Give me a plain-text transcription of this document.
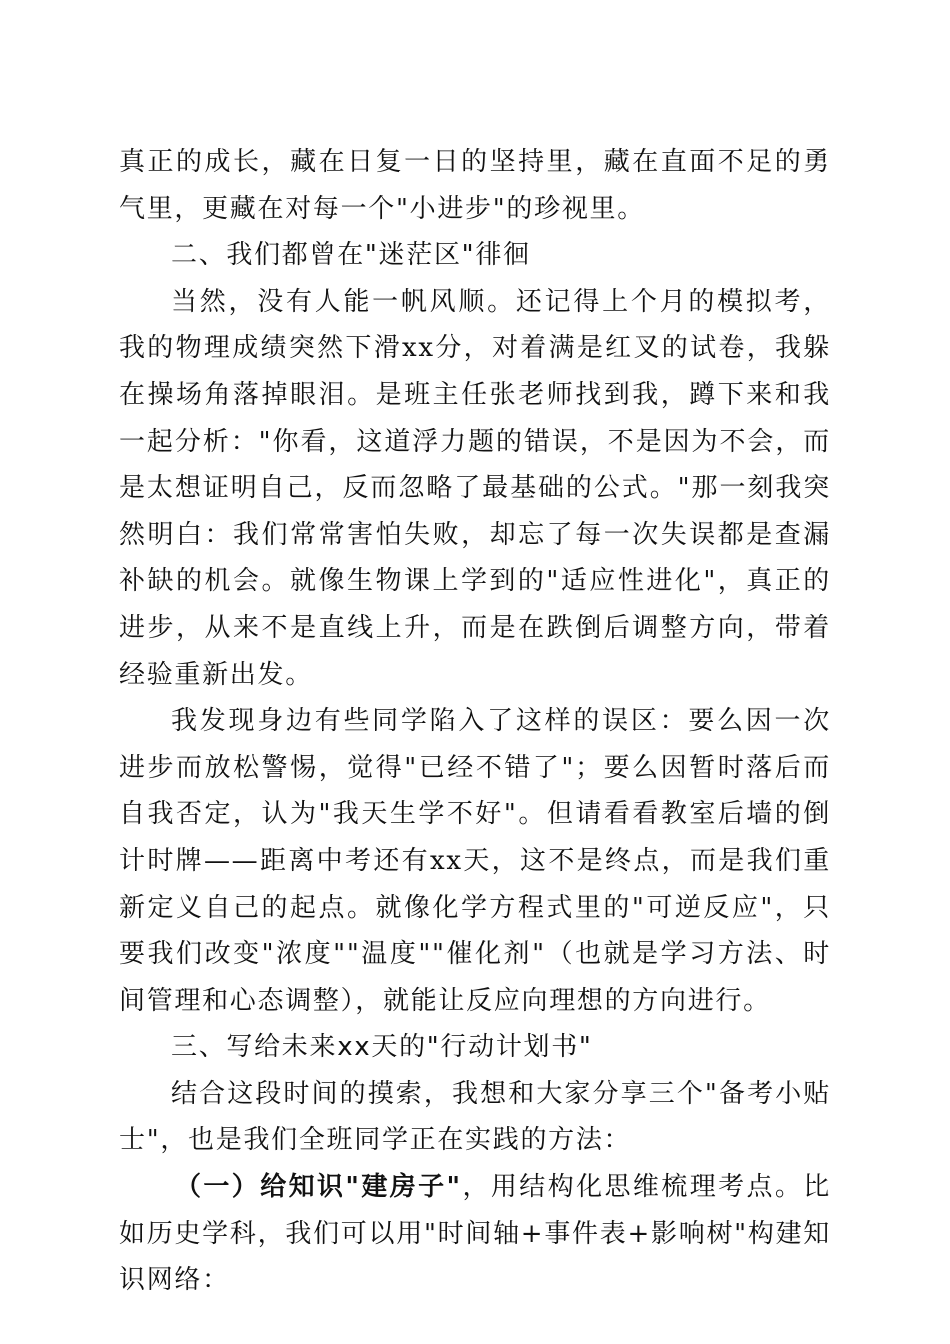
真正的成长，藏在日复一日的坚持里，藏在直面不足的勇气里，更藏在对每一个"小进步"的珍视里。

二、我们都曾在"迷茫区"徘徊

当然，没有人能一帆风顺。还记得上个月的模拟考，我的物理成绩突然下滑xx分，对着满是红叉的试卷，我躲在操场角落掉眼泪。是班主任张老师找到我，蹲下来和我一起分析："你看，这道浮力题的错误，不是因为不会，而是太想证明自己，反而忽略了最基础的公式。"那一刻我突然明白：我们常常害怕失败，却忘了每一次失误都是查漏补缺的机会。就像生物课上学到的"适应性进化"，真正的进步，从来不是直线上升，而是在跌倒后调整方向，带着经验重新出发。

我发现身边有些同学陷入了这样的误区：要么因一次进步而放松警惕，觉得"已经不错了"；要么因暂时落后而自我否定，认为"我天生学不好"。但请看看教室后墙的倒计时牌——距离中考还有xx天，这不是终点，而是我们重新定义自己的起点。就像化学方程式里的"可逆反应"，只要我们改变"浓度""温度""催化剂"（也就是学习方法、时间管理和心态调整），就能让反应向理想的方向进行。

三、写给未来xx天的"行动计划书"

结合这段时间的摸索，我想和大家分享三个"备考小贴士"，也是我们全班同学正在实践的方法：

（一）给知识"建房子"，用结构化思维梳理考点。比如历史学科，我们可以用"时间轴+事件表+影响树"构建知识网络：
